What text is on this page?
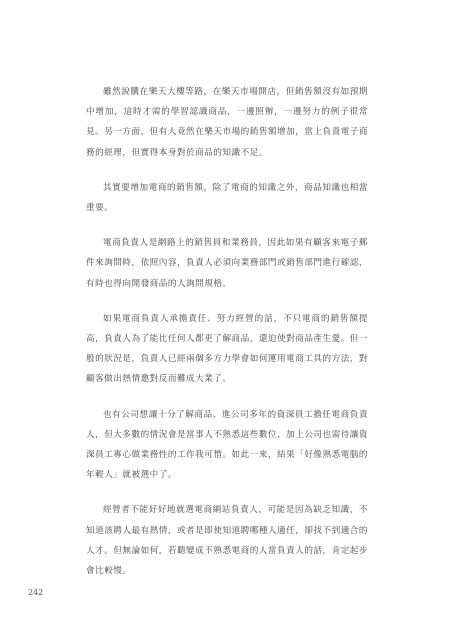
雖然說購在樂天大樓等路，在樂天市場開店，但銷售額沒有如預期中增加，這時才需的學習認識商品，一邊照辦，一邊努力的例子很常見。另一方面，但有人竟然在樂天市場的銷售額增加，當上負責電子商務的經理，但實得本身對於商品的知識不足。

其實要增加電商的銷售額，除了電商的知識之外，商品知識也相當重要。

電商負責人是網路上的銷售員和業務員，因此如果有顧客來電子郵件來詢問時，依照內容，負責人必須向業務部門或銷售部門進行確認，有時也得向開發商品的人詢問規格。

如果電商負責人承擔責任、努力經營的話，不只電商的銷售額提高，負責人為了能比任何人都更了解商品，還迫使對商品產生愛。但一般的狀況是，負責人已經兩個多方力學會如何運用電商工具的方法，對顧客做出熱情邀對反而難成大業了。

也有公司想讓十分了解商品、進公司多年的資深員工擔任電商負責人，但大多數的情況會是當事人不熟悉這些數位，加上公司也需待讓資深員工專心做業務性的工作我可惜。如此一來，結果「好像熟悉電腦的年輕人」就被選中了。

經營者不能好好地就選電商網站負責人，可能是因為缺乏知識，不知道該聘人最有熱情，或者是即使知道聘哪種人適任，卻找不到適合的人才。但無論如何，若聽變成不熟悉電商的人當負責人的話，肯定起步會比較慢。

242
